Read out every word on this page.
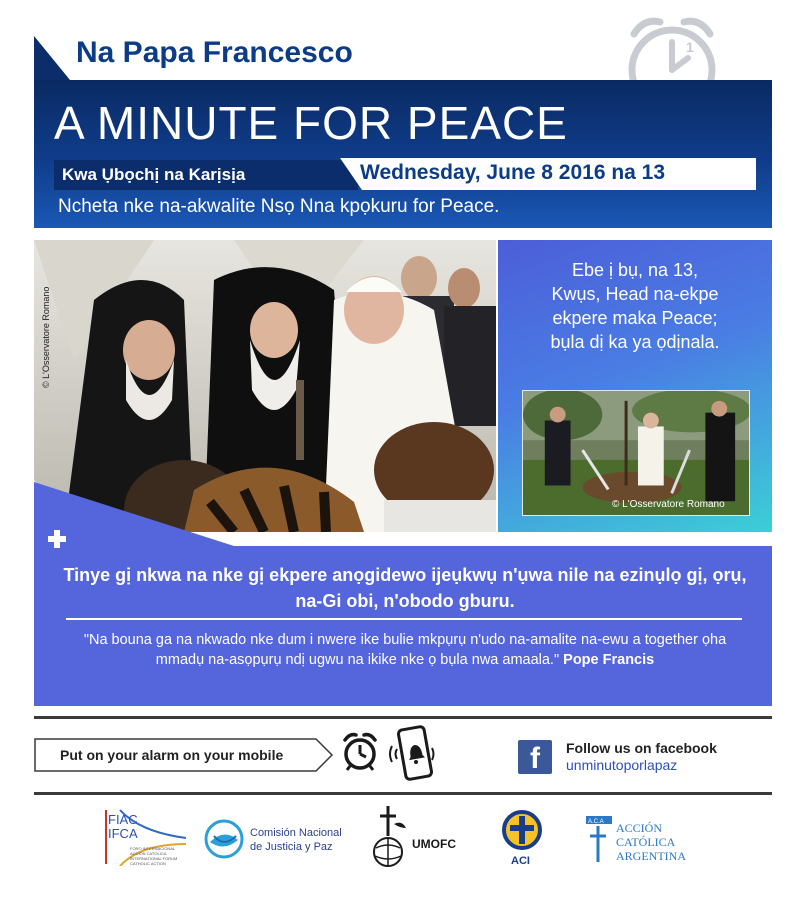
Na Papa Francesco	1
A MINUTE FOR PEACE
Kwa Ụbọchị na Karịsịa	Wednesday, June 8 2016 na 13
Ncheta nke na-akwalite Nsọ Nna kpọkuru for Peace.
© L'Osservatore Romano
Ebe ị bụ, na 13,
Kwụs, Head na-ekpe
ekpere maka Peace;
bụla dị ka ya ọdịnala.
© L'Osservatore Romano
Tinye gị nkwa na nke gị ekpere anọgidewo ijeụkwụ n'ụwa nile na ezinụlọ gị, ọrụ, na-Gi obi, n'obodo gburu.
"Na bouna ga na nkwado nke dum i nwere ike bulie mkpụrụ n'udo na-amalite na-ewu a together ọha mmadụ na-asọpụrụ ndị ugwu na ikike nke ọ bụla nwa amaala." Pope Francis
Put on your alarm on your mobile	f	Follow us on facebook
unminutoporlapaz
FIAC
IFCA
FORO INTERNACIONAL
ACCIÓN CATÓLICA
INTERNATIONAL FORUM
CATHOLIC ACTION
Comisión Nacional
de Justicia y Paz	UMOFC
ACI
A.C.A ACCIÓN
CATÓLICA
ARGENTINA
